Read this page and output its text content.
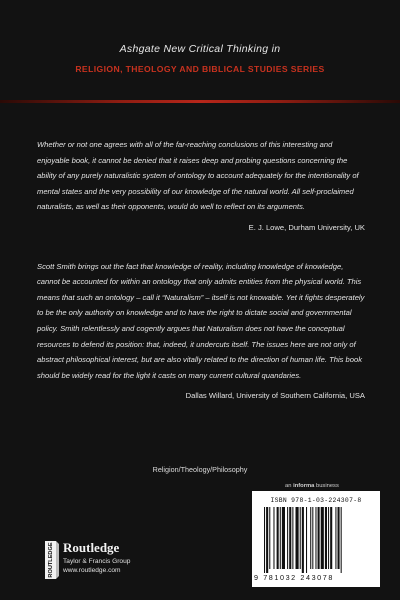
Ashgate New Critical Thinking in
RELIGION, THEOLOGY AND BIBLICAL STUDIES SERIES

Whether or not one agrees with all of the far-reaching conclusions of this interesting and enjoyable book, it cannot be denied that it raises deep and probing questions concerning the ability of any purely naturalistic system of ontology to account adequately for the intentionality of mental states and the very possibility of our knowledge of the natural world. All self-proclaimed naturalists, as well as their opponents, would do well to reflect on its arguments.

E. J. Lowe, Durham University, UK

Scott Smith brings out the fact that knowledge of reality, including knowledge of knowledge, cannot be accounted for within an ontology that only admits entities from the physical world. This means that such an ontology – call it “Naturalism” – itself is not knowable. Yet it fights desperately to be the only authority on knowledge and to have the right to dictate social and governmental policy. Smith relentlessly and cogently argues that Naturalism does not have the conceptual resources to defend its position: that, indeed, it undercuts itself. The issues here are not only of abstract philosophical interest, but are also vitally related to the direction of human life. This book should be widely read for the light it casts on many current cultural quandaries.

Dallas Willard, University of Southern California, USA

Religion/Theology/Philosophy
an informa business
ROUTLEDGE Routledge
Taylor & Francis Group
www.routledge.com
ISBN 978-1-03-224307-8
9 781032 243078
